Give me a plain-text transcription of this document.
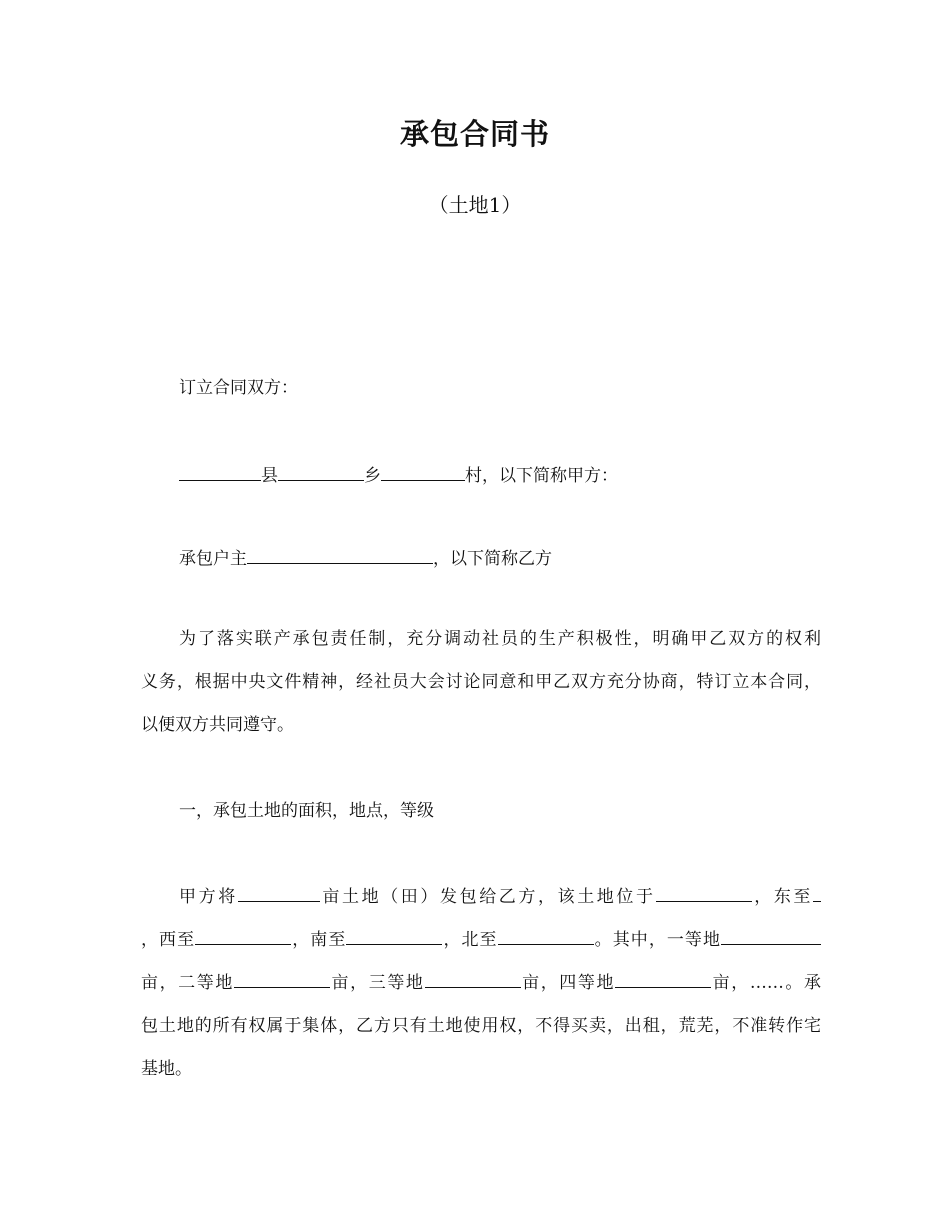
承包合同书
（土地1）
订立合同双方：
县	乡	村，以下简称甲方：
承包户主	，以下简称乙方
为了落实联产承包责任制，充分调动社员的生产积极性，明确甲乙双方的权利
义务，根据中央文件精神，经社员大会讨论同意和甲乙双方充分协商，特订立本合同，
以便双方共同遵守。
一，承包土地的面积，地点，等级
甲方将	亩土地（田）发包给乙方，该土地位于	，东至
，西至	，南至	，北至	。其中，一等地
亩，二等地	亩，三等地	亩，四等地	亩，……。承
包土地的所有权属于集体，乙方只有土地使用权，不得买卖，出租，荒芜，不准转作宅
基地。
